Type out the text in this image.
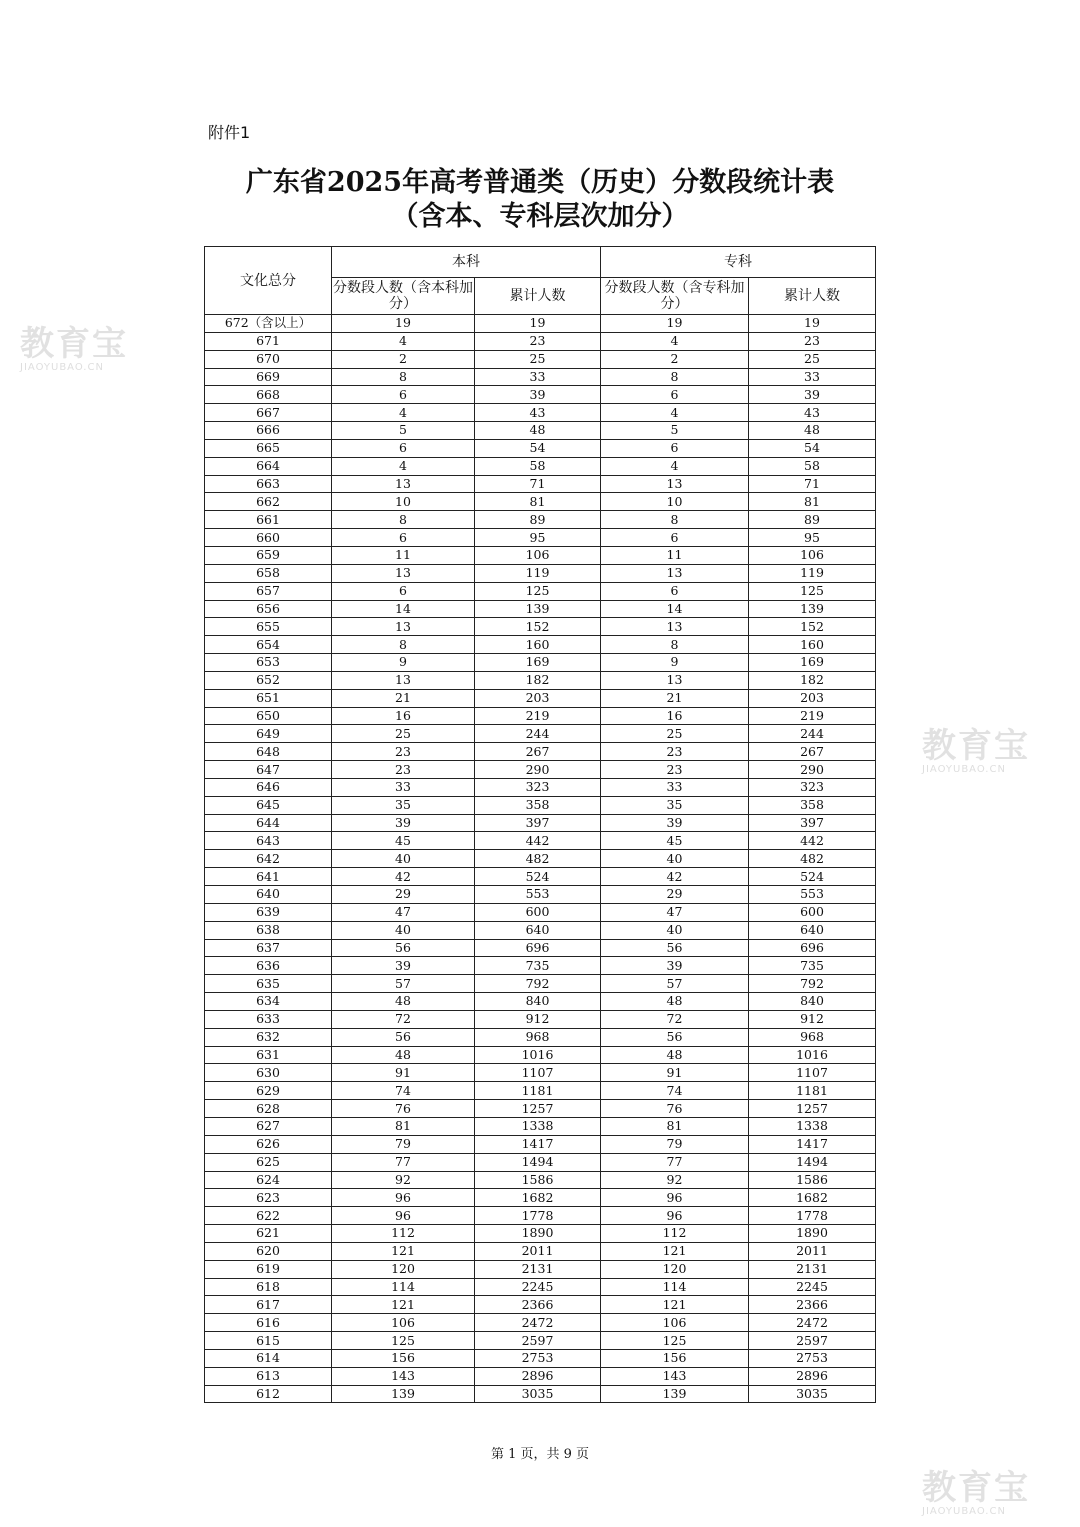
附件1
广东省2025年高考普通类（历史）分数段统计表
（含本、专科层次加分）
文化总分	本科		专科	
	分数段人数（含本科加分）	累计人数	分数段人数（含专科加分）	累计人数
672（含以上）	19	19	19	19
671	4	23	4	23
670	2	25	2	25
669	8	33	8	33
668	6	39	6	39
667	4	43	4	43
666	5	48	5	48
665	6	54	6	54
664	4	58	4	58
663	13	71	13	71
662	10	81	10	81
661	8	89	8	89
660	6	95	6	95
659	11	106	11	106
658	13	119	13	119
657	6	125	6	125
656	14	139	14	139
655	13	152	13	152
654	8	160	8	160
653	9	169	9	169
652	13	182	13	182
651	21	203	21	203
650	16	219	16	219
649	25	244	25	244
648	23	267	23	267
647	23	290	23	290
646	33	323	33	323
645	35	358	35	358
644	39	397	39	397
643	45	442	45	442
642	40	482	40	482
641	42	524	42	524
640	29	553	29	553
639	47	600	47	600
638	40	640	40	640
637	56	696	56	696
636	39	735	39	735
635	57	792	57	792
634	48	840	48	840
633	72	912	72	912
632	56	968	56	968
631	48	1016	48	1016
630	91	1107	91	1107
629	74	1181	74	1181
628	76	1257	76	1257
627	81	1338	81	1338
626	79	1417	79	1417
625	77	1494	77	1494
624	92	1586	92	1586
623	96	1682	96	1682
622	96	1778	96	1778
621	112	1890	112	1890
620	121	2011	121	2011
619	120	2131	120	2131
618	114	2245	114	2245
617	121	2366	121	2366
616	106	2472	106	2472
615	125	2597	125	2597
614	156	2753	156	2753
613	143	2896	143	2896
612	139	3035	139	3035
第 1 页，共 9 页
教育宝
JIAOYUBAO.CN
教育宝
JIAOYUBAO.CN
教育宝
JIAOYUBAO.CN
